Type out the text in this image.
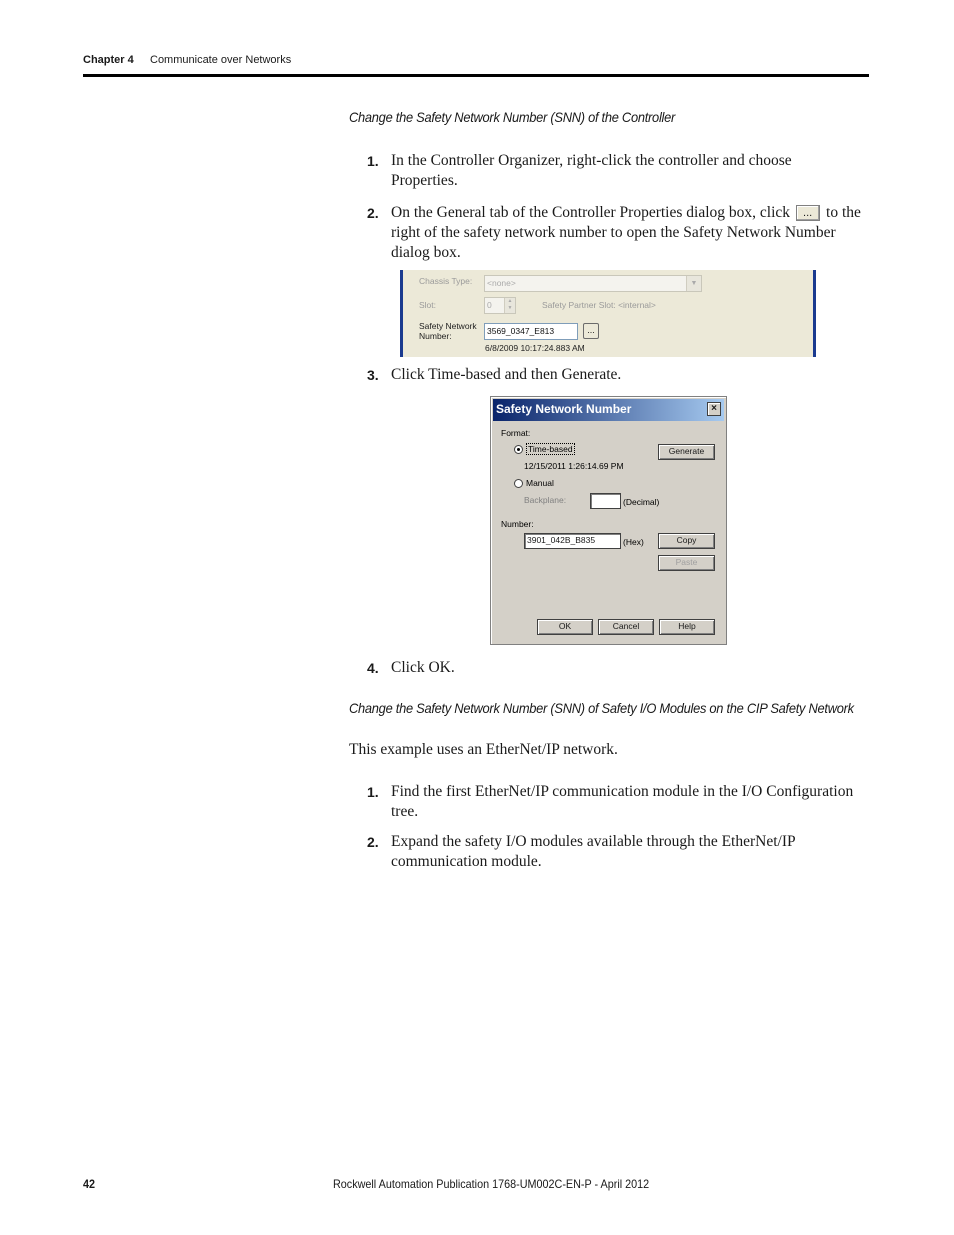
Chapter 4 Communicate over Networks
Change the Safety Network Number (SNN) of the Controller
1. In the Controller Organizer, right-click the controller and choose Properties.
2. On the General tab of the Controller Properties dialog box, click ... to the right of the safety network number to open the Safety Network Number dialog box.
Chassis Type:	<none>	▼
Slot:	0	▲
▼	Safety Partner Slot: <internal>
Safety Network
Number:	3569_0347_E813	...
6/8/2009 10:17:24.883 AM
3. Click Time-based and then Generate.
Safety Network Number	×
Format:
Time-based
12/15/2011 1:26:14.69 PM
Manual
Backplane:	(Decimal)
Number:
3901_042B_B835	(Hex)
Generate
Copy
Paste
OK	Cancel	Help
4. Click OK.
Change the Safety Network Number (SNN) of Safety I/O Modules on the CIP Safety Network
This example uses an EtherNet/IP network.
1. Find the first EtherNet/IP communication module in the I/O Configuration tree.
2. Expand the safety I/O modules available through the EtherNet/IP communication module.
42	Rockwell Automation Publication 1768-UM002C-EN-P - April 2012
